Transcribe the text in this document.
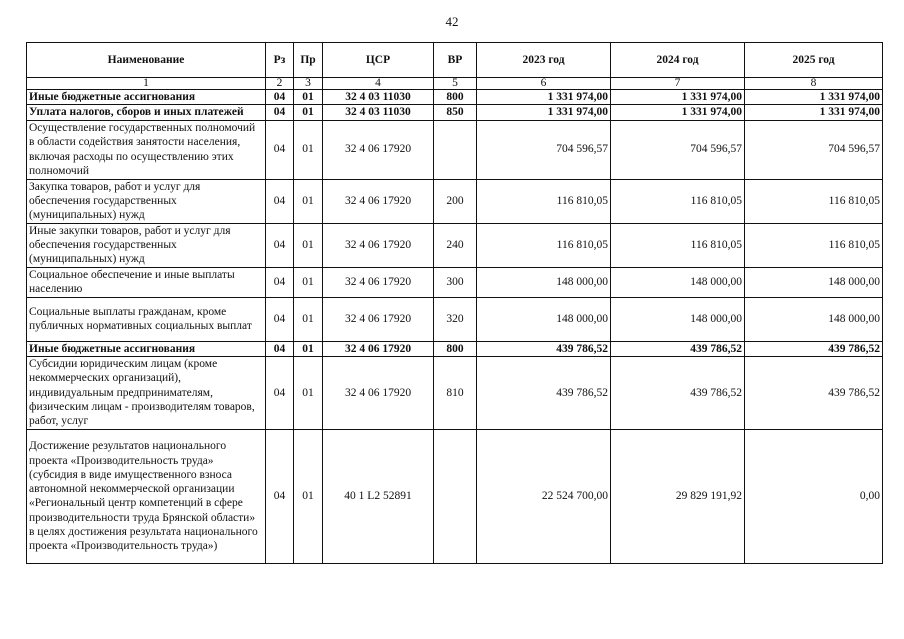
42
Наименование	Рз	Пр	ЦСР	ВР	2023 год	2024 год	2025 год
1	2	3	4	5	6	7	8
Иные бюджетные ассигнования	04	01	32 4 03 11030	800	1 331 974,00	1 331 974,00	1 331 974,00
Уплата налогов, сборов и иных платежей	04	01	32 4 03 11030	850	1 331 974,00	1 331 974,00	1 331 974,00
Осуществление государственных полномочий в области содействия занятости населения, включая расходы по осуществлению этих полномочий	04	01	32 4 06 17920		704 596,57	704 596,57	704 596,57
Закупка товаров, работ и услуг для обеспечения государственных (муниципальных) нужд	04	01	32 4 06 17920	200	116 810,05	116 810,05	116 810,05
Иные закупки товаров, работ и услуг для обеспечения государственных (муниципальных) нужд	04	01	32 4 06 17920	240	116 810,05	116 810,05	116 810,05
Социальное обеспечение и иные выплаты населению	04	01	32 4 06 17920	300	148 000,00	148 000,00	148 000,00
Социальные выплаты гражданам, кроме публичных нормативных социальных выплат	04	01	32 4 06 17920	320	148 000,00	148 000,00	148 000,00
Иные бюджетные ассигнования	04	01	32 4 06 17920	800	439 786,52	439 786,52	439 786,52
Субсидии юридическим лицам (кроме некоммерческих организаций), индивидуальным предпринимателям, физическим лицам - производителям товаров, работ, услуг	04	01	32 4 06 17920	810	439 786,52	439 786,52	439 786,52
Достижение результатов национального проекта «Производительность труда» (субсидия в виде имущественного взноса автономной некоммерческой организации «Региональный центр компетенций в сфере производительности труда Брянской области» в целях достижения результата национального проекта «Производительность труда»)	04	01	40 1 L2 52891		22 524 700,00	29 829 191,92	0,00
